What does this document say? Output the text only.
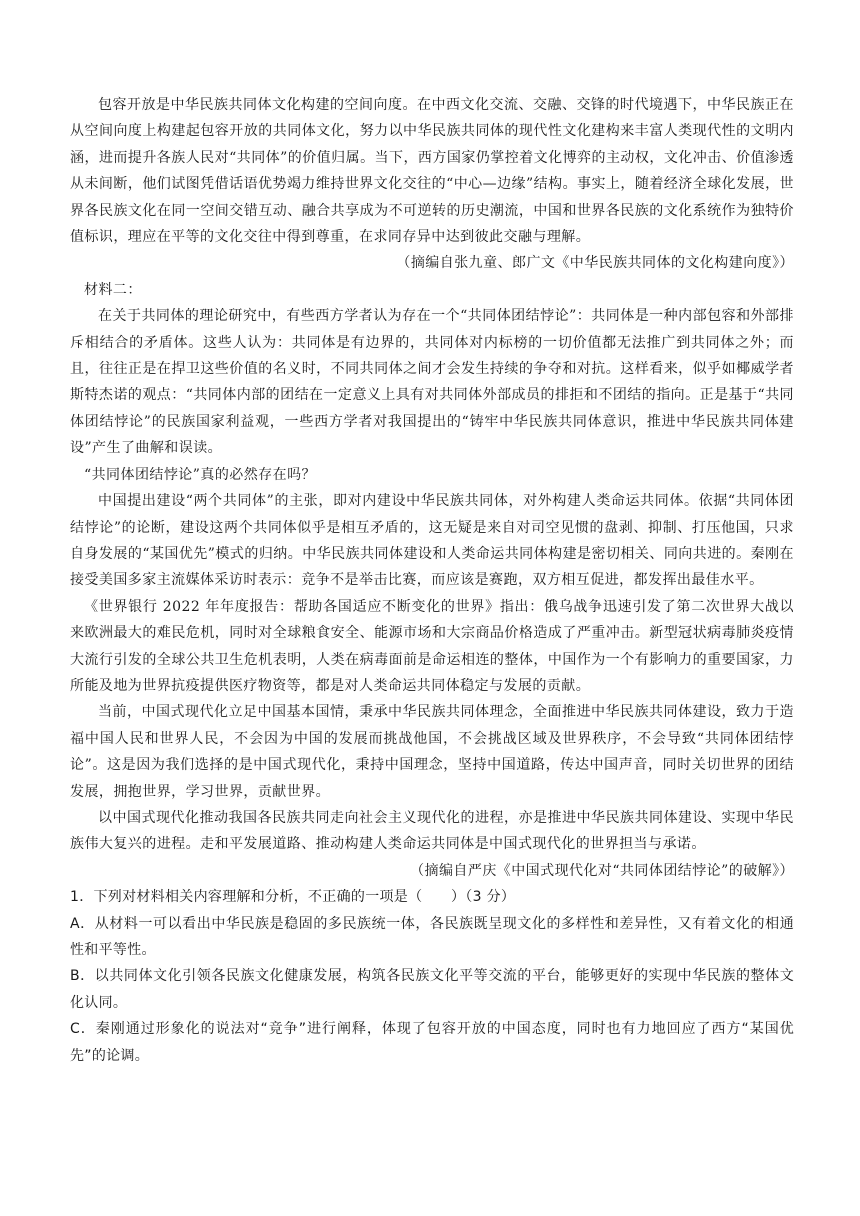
包容开放是中华民族共同体文化构建的空间向度。在中西文化交流、交融、交锋的时代境遇下，中华民族正在从空间向度上构建起包容开放的共同体文化，努力以中华民族共同体的现代性文化建构来丰富人类现代性的文明内涵，进而提升各族人民对“共同体”的价值归属。当下，西方国家仍掌控着文化博弈的主动权，文化冲击、价值渗透从未间断，他们试图凭借话语优势竭力维持世界文化交往的“中心—边缘”结构。事实上，随着经济全球化发展，世界各民族文化在同一空间交错互动、融合共享成为不可逆转的历史潮流，中国和世界各民族的文化系统作为独特价值标识，理应在平等的文化交往中得到尊重，在求同存异中达到彼此交融与理解。

（摘编自张九童、郎广文《中华民族共同体的文化构建向度》）

材料二：

在关于共同体的理论研究中，有些西方学者认为存在一个“共同体团结悖论”：共同体是一种内部包容和外部排斥相结合的矛盾体。这些人认为：共同体是有边界的，共同体对内标榜的一切价值都无法推广到共同体之外；而且，往往正是在捍卫这些价值的名义时，不同共同体之间才会发生持续的争夺和对抗。这样看来，似乎如椰威学者斯特杰诺的观点：“共同体内部的团结在一定意义上具有对共同体外部成员的排拒和不团结的指向。正是基于“共同体团结悖论”的民族国家利益观，一些西方学者对我国提出的“铸牢中华民族共同体意识，推进中华民族共同体建设”产生了曲解和误读。

“共同体团结悖论”真的必然存在吗？

中国提出建设“两个共同体”的主张，即对内建设中华民族共同体，对外构建人类命运共同体。依据“共同体团结悖论”的论断，建设这两个共同体似乎是相互矛盾的，这无疑是来自对司空见惯的盘剥、抑制、打压他国，只求自身发展的“某国优先”模式的归纳。中华民族共同体建设和人类命运共同体构建是密切相关、同向共进的。秦刚在接受美国多家主流媒体采访时表示：竞争不是举击比赛，而应该是赛跑，双方相互促进，都发挥出最佳水平。

《世界银行 2022 年年度报告：帮助各国适应不断变化的世界》指出：俄乌战争迅速引发了第二次世界大战以来欧洲最大的难民危机，同时对全球粮食安全、能源市场和大宗商品价格造成了严重冲击。新型冠状病毒肺炎疫情大流行引发的全球公共卫生危机表明，人类在病毒面前是命运相连的整体，中国作为一个有影响力的重要国家，力所能及地为世界抗疫提供医疗物资等，都是对人类命运共同体稳定与发展的贡献。

当前，中国式现代化立足中国基本国情，秉承中华民族共同体理念，全面推进中华民族共同体建设，致力于造福中国人民和世界人民，不会因为中国的发展而挑战他国，不会挑战区域及世界秩序，不会导致“共同体团结悖论”。这是因为我们选择的是中国式现代化，秉持中国理念，坚持中国道路，传达中国声音，同时关切世界的团结发展，拥抱世界，学习世界，贡献世界。

以中国式现代化推动我国各民族共同走向社会主义现代化的进程，亦是推进中华民族共同体建设、实现中华民族伟大复兴的进程。走和平发展道路、推动构建人类命运共同体是中国式现代化的世界担当与承诺。

（摘编自严庆《中国式现代化对“共同体团结悖论”的破解》）

1．下列对材料相关内容理解和分析，不正确的一项是（　　）（3 分）

A．从材料一可以看出中华民族是稳固的多民族统一体，各民族既呈现文化的多样性和差异性，又有着文化的相通性和平等性。

B．以共同体文化引领各民族文化健康发展，构筑各民族文化平等交流的平台，能够更好的实现中华民族的整体文化认同。

C．秦刚通过形象化的说法对“竞争”进行阐释，体现了包容开放的中国态度，同时也有力地回应了西方“某国优先”的论调。
